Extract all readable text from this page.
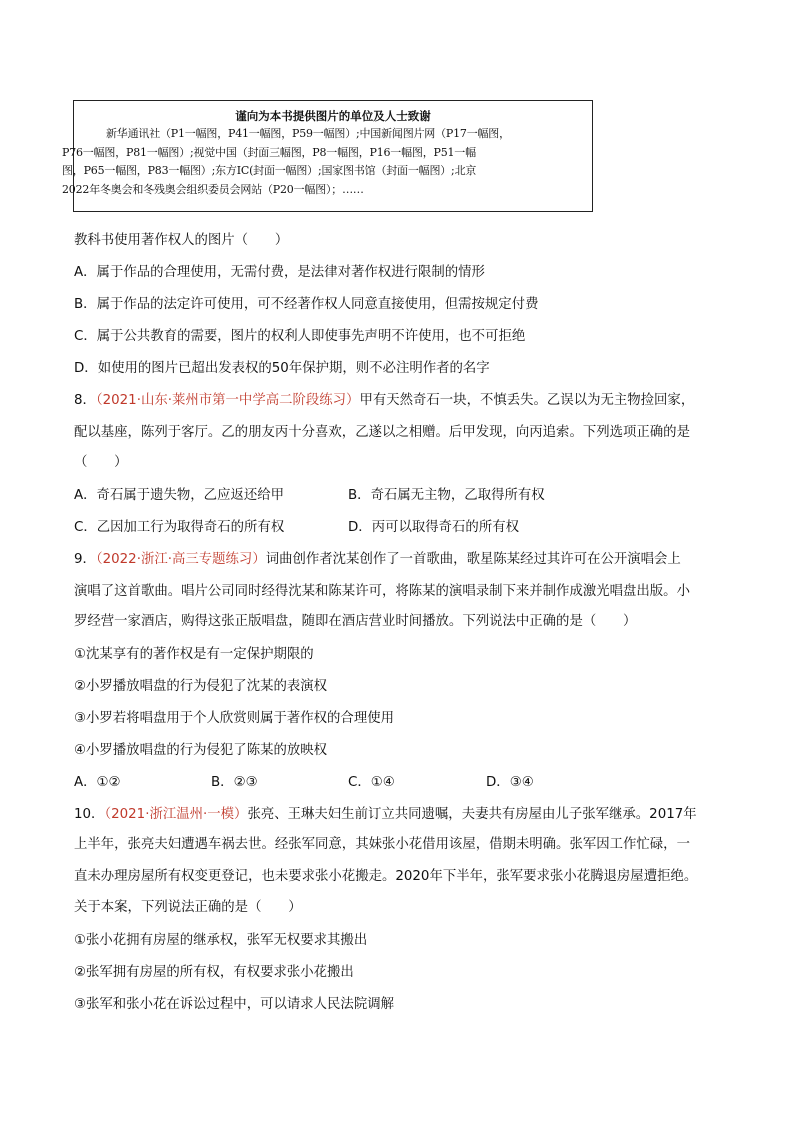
谨向为本书提供图片的单位及人士致谢
新华通讯社（P1一幅图，P41一幅图，P59一幅图）;中国新闻图片网（P17一幅图，
P76一幅图，P81一幅图）;视觉中国（封面三幅图，P8一幅图，P16一幅图，P51一幅
图，P65一幅图，P83一幅图）;东方IC(封面一幅图）;国家图书馆（封面一幅图）;北京
2022年冬奥会和冬残奥会组织委员会网站（P20一幅图）；……
教科书使用著作权人的图片（　　）
A．属于作品的合理使用，无需付费，是法律对著作权进行限制的情形
B．属于作品的法定许可使用，可不经著作权人同意直接使用，但需按规定付费
C．属于公共教育的需要，图片的权利人即使事先声明不许使用，也不可拒绝
D．如使用的图片已超出发表权的50年保护期，则不必注明作者的名字
8．（2021·山东·莱州市第一中学高二阶段练习）甲有天然奇石一块，不慎丢失。乙误以为无主物捡回家，
配以基座，陈列于客厅。乙的朋友丙十分喜欢，乙遂以之相赠。后甲发现，向丙追索。下列选项正确的是
（　　）
A．奇石属于遗失物，乙应返还给甲	B．奇石属无主物，乙取得所有权
C．乙因加工行为取得奇石的所有权	D．丙可以取得奇石的所有权
9．（2022·浙江·高三专题练习）词曲创作者沈某创作了一首歌曲，歌星陈某经过其许可在公开演唱会上
演唱了这首歌曲。唱片公司同时经得沈某和陈某许可，将陈某的演唱录制下来并制作成激光唱盘出版。小
罗经营一家酒店，购得这张正版唱盘，随即在酒店营业时间播放。下列说法中正确的是（　　）
①沈某享有的著作权是有一定保护期限的
②小罗播放唱盘的行为侵犯了沈某的表演权
③小罗若将唱盘用于个人欣赏则属于著作权的合理使用
④小罗播放唱盘的行为侵犯了陈某的放映权
A．①②	B．②③	C．①④	D．③④
10．（2021·浙江温州·一模）张亮、王琳夫妇生前订立共同遗嘱，夫妻共有房屋由儿子张军继承。2017年
上半年，张亮夫妇遭遇车祸去世。经张军同意，其妹张小花借用该屋，借期未明确。张军因工作忙碌，一
直未办理房屋所有权变更登记，也未要求张小花搬走。2020年下半年，张军要求张小花腾退房屋遭拒绝。
关于本案，下列说法正确的是（　　）
①张小花拥有房屋的继承权，张军无权要求其搬出
②张军拥有房屋的所有权，有权要求张小花搬出
③张军和张小花在诉讼过程中，可以请求人民法院调解
